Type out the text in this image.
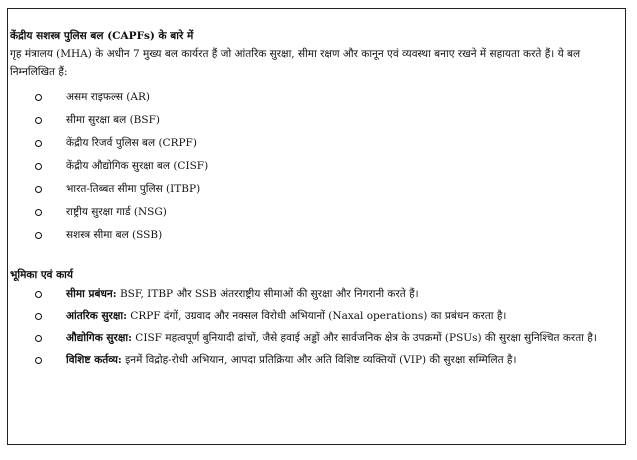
केंद्रीय सशस्त्र पुलिस बल (CAPFs) के बारे में

गृह मंत्रालय (MHA) के अधीन 7 मुख्य बल कार्यरत हैं जो आंतरिक सुरक्षा, सीमा रक्षण और कानून एवं व्यवस्था बनाए रखने में सहायता करते हैं। ये बल निम्नलिखित हैं:

असम राइफल्स (AR)
सीमा सुरक्षा बल (BSF)
केंद्रीय रिजर्व पुलिस बल (CRPF)
केंद्रीय औद्योगिक सुरक्षा बल (CISF)
भारत-तिब्बत सीमा पुलिस (ITBP)
राष्ट्रीय सुरक्षा गार्ड (NSG)
सशस्त्र सीमा बल (SSB)

भूमिका एवं कार्य

सीमा प्रबंधन: BSF, ITBP और SSB अंतरराष्ट्रीय सीमाओं की सुरक्षा और निगरानी करते हैं।
आंतरिक सुरक्षा: CRPF दंगों, उग्रवाद और नक्सल विरोधी अभियानों (Naxal operations) का प्रबंधन करता है।
औद्योगिक सुरक्षा: CISF महत्वपूर्ण बुनियादी ढांचों, जैसे हवाई अड्डों और सार्वजनिक क्षेत्र के उपक्रमों (PSUs) की सुरक्षा सुनिश्चित करता है।
विशिष्ट कर्तव्य: इनमें विद्रोह-रोधी अभियान, आपदा प्रतिक्रिया और अति विशिष्ट व्यक्तियों (VIP) की सुरक्षा सम्मिलित है।
